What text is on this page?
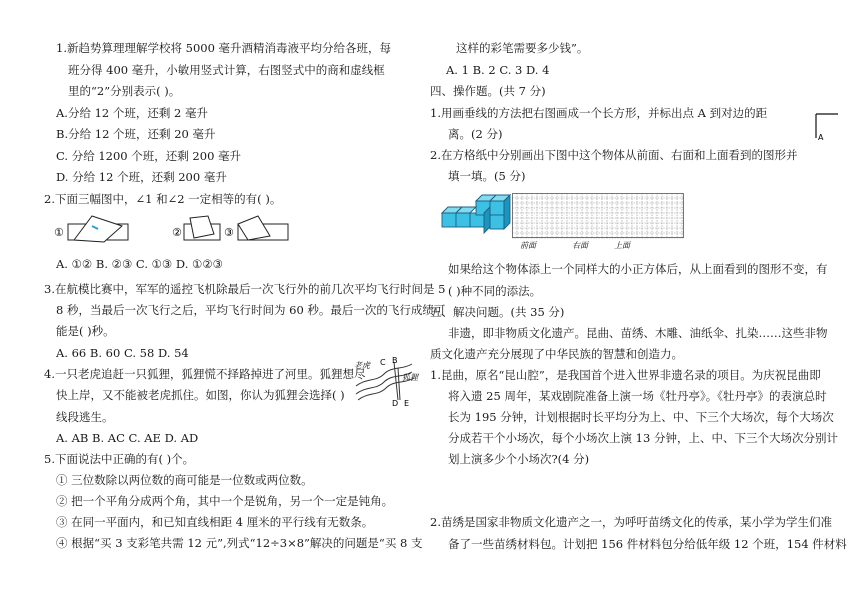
1.新趋势算理理解学校将 5000 毫升酒精消毒液平均分给各班，每
班分得 400 毫升，小敏用竖式计算，右图竖式中的商和虚线框
里的“2”分别表示( )。
A.分给 12 个班，还剩 2 毫升
B.分给 12 个班，还剩 20 毫升
C. 分给 1200 个班，还剩 200 毫升
D. 分给 12 个班，还剩 200 毫升
2.下面三幅图中，∠1 和∠2 一定相等的有( )。
①	②	③
A. ①② B. ②③ C. ①③ D. ①②③
3.在航模比赛中，军军的遥控飞机除最后一次飞行外的前几次平均飞行时间是 5
8 秒，当最后一次飞行之后，平均飞行时间为 60 秒。最后一次的飞行成绩可
能是( )秒。
A. 66 B. 60 C. 58 D. 54
4.一只老虎追赶一只狐狸，狐狸慌不择路掉进了河里。狐狸想尽
快上岸，又不能被老虎抓住。如图，你认为狐狸会选择( )
线段逃生。
老虎 C B
狐狸
D E
A. AB B. AC C. AE D. AD
5.下面说法中正确的有( )个。
① 三位数除以两位数的商可能是一位数或两位数。
② 把一个平角分成两个角，其中一个是锐角，另一个一定是钝角。
③ 在同一平面内，和已知直线相距 4 厘米的平行线有无数条。
④ 根据“买 3 支彩笔共需 12 元”,列式“12÷3×8”解决的问题是“买 8 支
这样的彩笔需要多少钱”。
A. 1 B. 2 C. 3 D. 4
四、操作题。(共 7 分)
1.用画垂线的方法把右图画成一个长方形，并标出点 A 到对边的距
离。(2 分)	A
2.在方格纸中分别画出下图中这个物体从前面、右面和上面看到的图形并
填一填。(5 分)
前面	右面	上面
如果给这个物体添上一个同样大的小正方体后，从上面看到的图形不变，有
( )种不同的添法。
五、解决问题。(共 35 分)
非遗，即非物质文化遗产。昆曲、苗绣、木雕、油纸伞、扎染……这些非物
质文化遗产充分展现了中华民族的智慧和创造力。
1.昆曲，原名“昆山腔”，是我国首个进入世界非遗名录的项目。为庆祝昆曲即
将入遗 25 周年，某戏剧院准备上演一场《牡丹亭》。《牡丹亭》的表演总时
长为 195 分钟，计划根据时长平均分为上、中、下三个大场次，每个大场次
分成若干个小场次，每个小场次上演 13 分钟，上、中、下三个大场次分别计
划上演多少个小场次?(4 分)
2.苗绣是国家非物质文化遗产之一，为呼吁苗绣文化的传承，某小学为学生们准
备了一些苗绣材料包。计划把 156 件材料包分给低年级 12 个班，154 件材料
